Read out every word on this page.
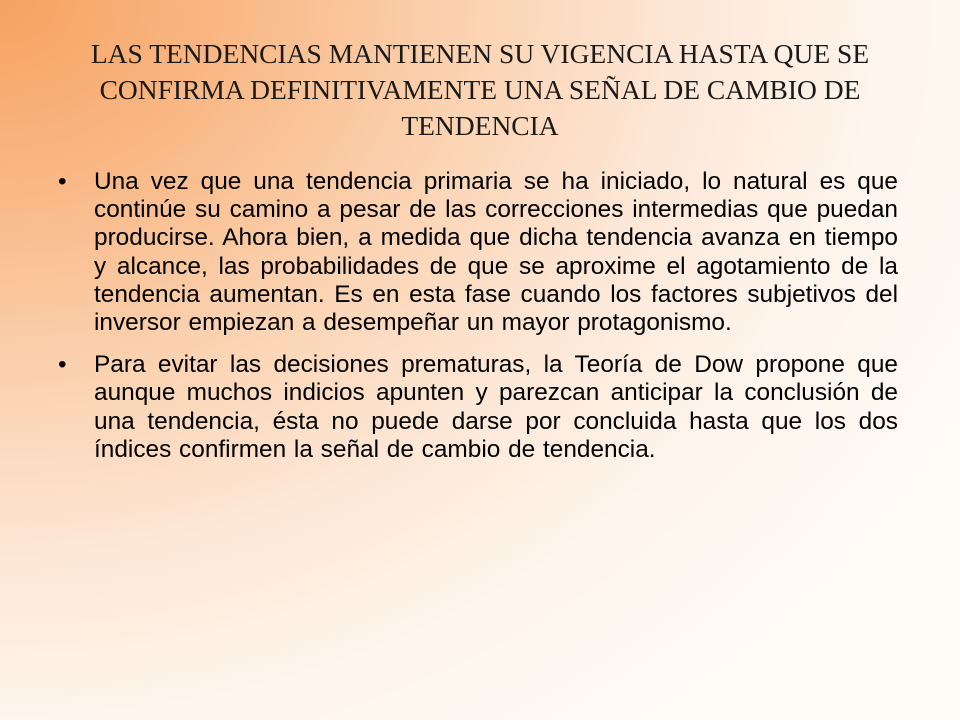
LAS TENDENCIAS MANTIENEN SU VIGENCIA HASTA QUE SE CONFIRMA DEFINITIVAMENTE UNA SEÑAL DE CAMBIO DE TENDENCIA
• Una vez que una tendencia primaria se ha iniciado, lo natural es que continúe su camino a pesar de las correcciones intermedias que puedan producirse. Ahora bien, a medida que dicha tendencia avanza en tiempo y alcance, las probabilidades de que se aproxime el agotamiento de la tendencia aumentan. Es en esta fase cuando los factores subjetivos del inversor empiezan a desempeñar un mayor protagonismo.
• Para evitar las decisiones prematuras, la Teoría de Dow propone que aunque muchos indicios apunten y parezcan anticipar la conclusión de una tendencia, ésta no puede darse por concluida hasta que los dos índices confirmen la señal de cambio de tendencia.
